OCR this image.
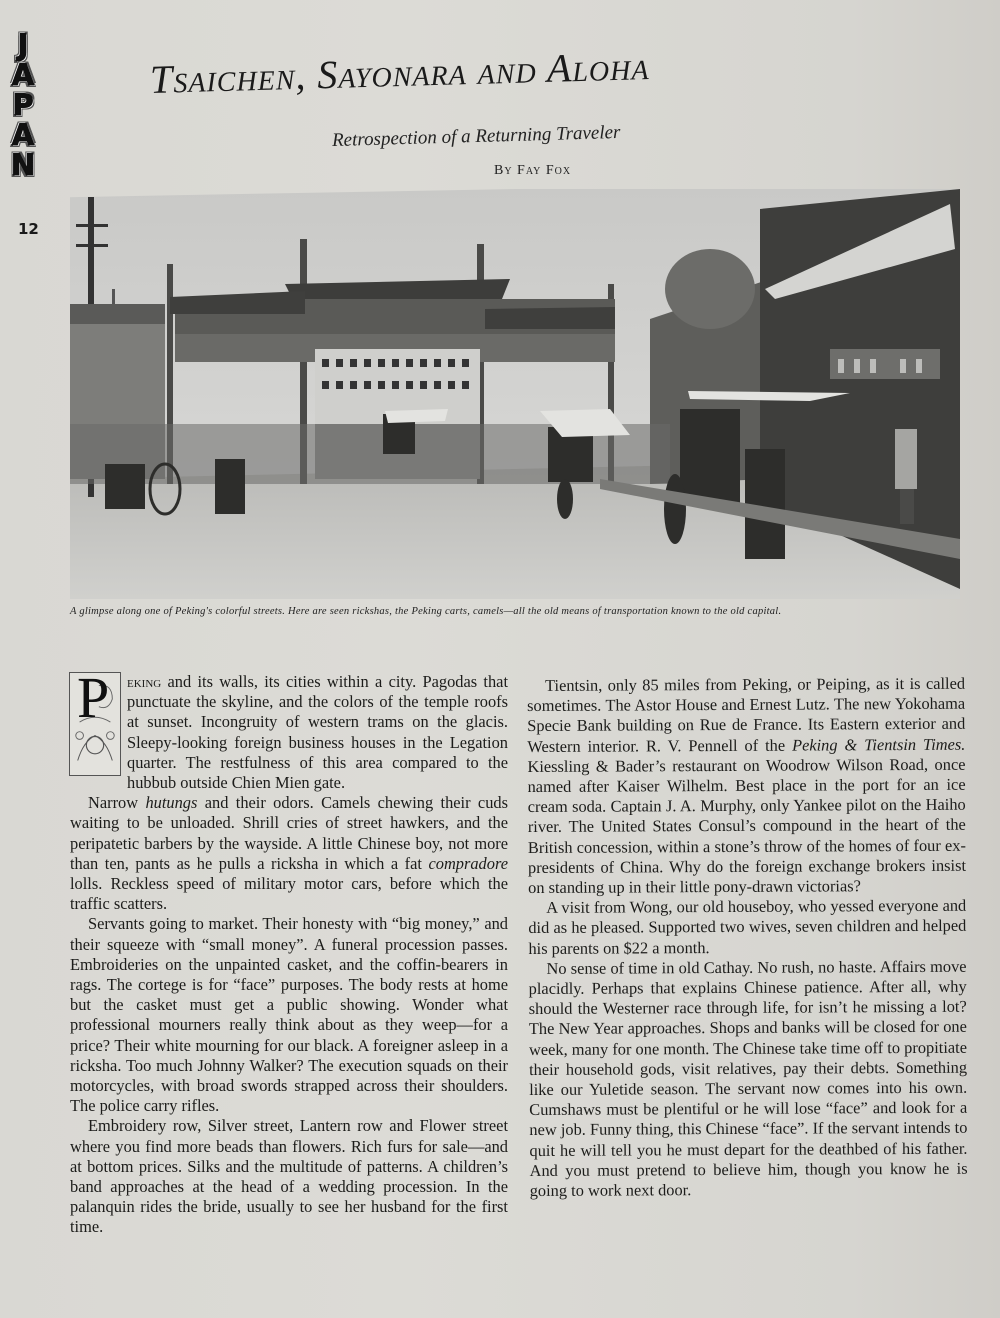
J
A
P
A
N
12
Tsaichen, Sayonara and Aloha
Retrospection of a Returning Traveler
By Fay Fox
A glimpse along one of Peking's colorful streets. Here are seen rickshas, the Peking carts, camels—all the old means of transportation known to the old capital.

P eking and its walls, its cities within a city. Pagodas that punctuate the skyline, and the colors of the temple roofs at sunset. Incongruity of western trams on the glacis. Sleepy-looking foreign business houses in the Legation quarter. The restfulness of this area compared to the hubbub outside Chien Mien gate.

Narrow hutungs and their odors. Camels chewing their cuds waiting to be unloaded. Shrill cries of street hawkers, and the peripatetic barbers by the wayside. A little Chinese boy, not more than ten, pants as he pulls a ricksha in which a fat compradore lolls. Reckless speed of military motor cars, before which the traffic scatters.

Servants going to market. Their honesty with “big money,” and their squeeze with “small money”. A funeral procession passes. Embroideries on the unpainted casket, and the coffin-bearers in rags. The cortege is for “face” purposes. The body rests at home but the casket must get a public showing. Wonder what professional mourners really think about as they weep—for a price? Their white mourning for our black. A foreigner asleep in a ricksha. Too much Johnny Walker? The execution squads on their motorcycles, with broad swords strapped across their shoulders. The police carry rifles.

Embroidery row, Silver street, Lantern row and Flower street where you find more beads than flowers. Rich furs for sale—and at bottom prices. Silks and the multitude of patterns. A children’s band approaches at the head of a wedding procession. In the palanquin rides the bride, usually to see her husband for the first time.

Tientsin, only 85 miles from Peking, or Peiping, as it is called sometimes. The Astor House and Ernest Lutz. The new Yokohama Specie Bank building on Rue de France. Its Eastern exterior and Western interior. R. V. Pennell of the Peking & Tientsin Times. Kiessling & Bader’s restaurant on Woodrow Wilson Road, once named after Kaiser Wilhelm. Best place in the port for an ice cream soda. Captain J. A. Murphy, only Yankee pilot on the Haiho river. The United States Consul’s compound in the heart of the British concession, within a stone’s throw of the homes of four ex-presidents of China. Why do the foreign exchange brokers insist on standing up in their little pony-drawn victorias?

A visit from Wong, our old houseboy, who yessed everyone and did as he pleased. Supported two wives, seven children and helped his parents on $22 a month.

No sense of time in old Cathay. No rush, no haste. Affairs move placidly. Perhaps that explains Chinese patience. After all, why should the Westerner race through life, for isn’t he missing a lot? The New Year approaches. Shops and banks will be closed for one week, many for one month. The Chinese take time off to propitiate their household gods, visit relatives, pay their debts. Something like our Yuletide season. The servant now comes into his own. Cumshaws must be plentiful or he will lose “face” and look for a new job. Funny thing, this Chinese “face”. If the servant intends to quit he will tell you he must depart for the deathbed of his father. And you must pretend to believe him, though you know he is going to work next door.
